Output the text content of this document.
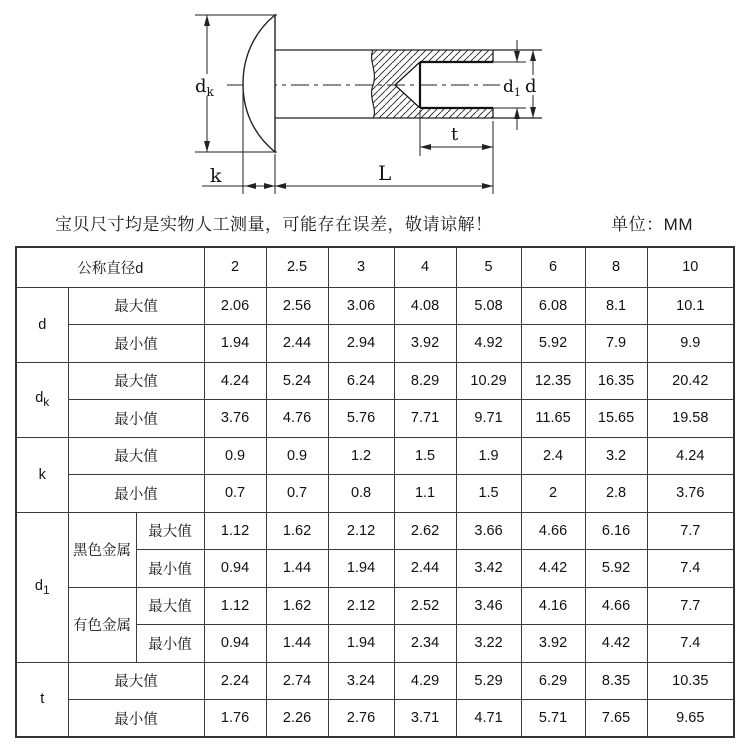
$d_k$	$d_1$ d
t
k	L
宝贝尺寸均是实物人工测量，可能存在误差，敬请谅解！	单位：MM
公称直径d			2	2.5	3	4	5	6	8	10
d	最大值		2.06	2.56	3.06	4.08	5.08	6.08	8.1	10.1
	最小值		1.94	2.44	2.94	3.92	4.92	5.92	7.9	9.9
$d_k$	最大值		4.24	5.24	6.24	8.29	10.29	12.35	16.35	20.42
	最小值		3.76	4.76	5.76	7.71	9.71	11.65	15.65	19.58
k	最大值		0.9	0.9	1.2	1.5	1.9	2.4	3.2	4.24
	最小值		0.7	0.7	0.8	1.1	1.5	2	2.8	3.76
$d_1$	黑色金属	最大值	1.12	1.62	2.12	2.62	3.66	4.66	6.16	7.7
		最小值	0.94	1.44	1.94	2.44	3.42	4.42	5.92	7.4
	有色金属	最大值	1.12	1.62	2.12	2.52	3.46	4.16	4.66	7.7
		最小值	0.94	1.44	1.94	2.34	3.22	3.92	4.42	7.4
t	最大值		2.24	2.74	3.24	4.29	5.29	6.29	8.35	10.35
	最小值		1.76	2.26	2.76	3.71	4.71	5.71	7.65	9.65
